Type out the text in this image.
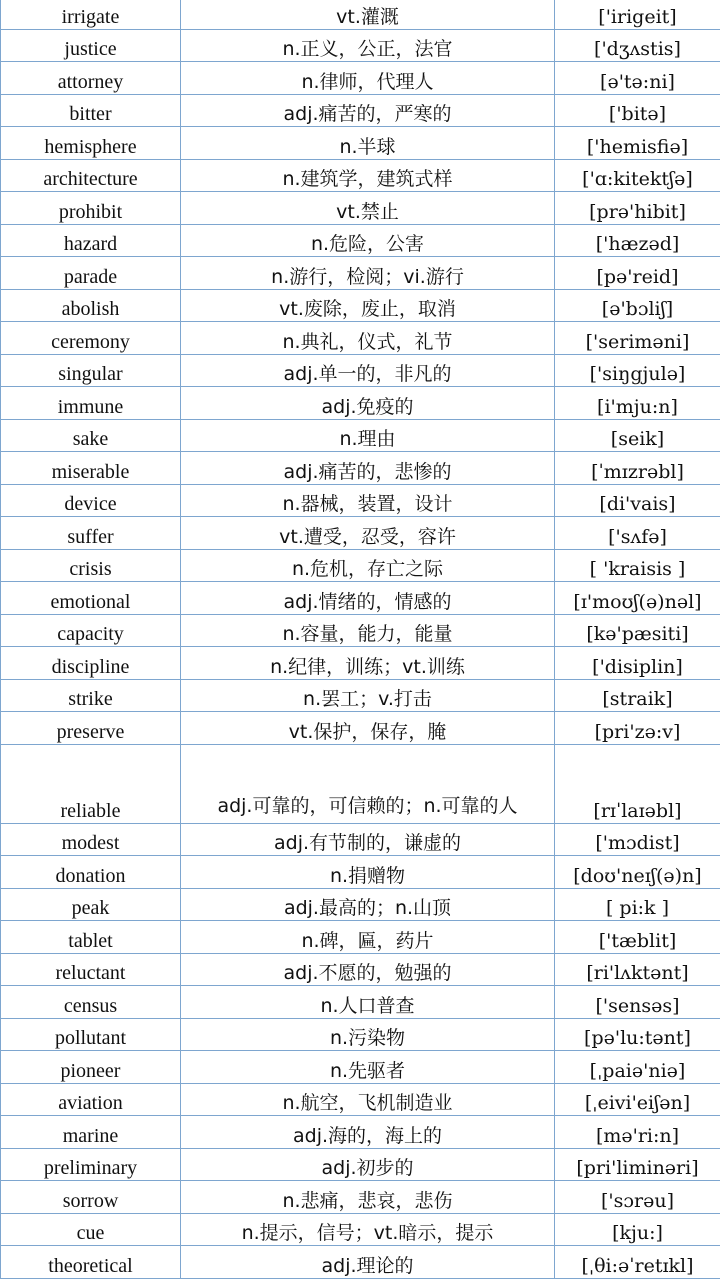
irrigate	vt.灌溉	['irigeit]
justice	n.正义，公正，法官	['dʒʌstis]
attorney	n.律师，代理人	[ə'tə:ni]
bitter	adj.痛苦的，严寒的	['bitə]
hemisphere	n.半球	['hemisfiə]
architecture	n.建筑学，建筑式样	['ɑ:kitektʃə]
prohibit	vt.禁止	[prə'hibit]
hazard	n.危险，公害	['hæzəd]
parade	n.游行，检阅；vi.游行	[pə'reid]
abolish	vt.废除，废止，取消	[ə'bɔliʃ]
ceremony	n.典礼，仪式，礼节	['seriməni]
singular	adj.单一的，非凡的	['siŋgjulə]
immune	adj.免疫的	[i'mju:n]
sake	n.理由	[seik]
miserable	adj.痛苦的，悲惨的	[ˈmɪzrəbl]
device	n.器械，装置，设计	[di'vais]
suffer	vt.遭受，忍受，容许	['sʌfə]
crisis	n.危机，存亡之际	[ 'kraisis ]
emotional	adj.情绪的，情感的	[ɪ'moʊʃ(ə)nəl]
capacity	n.容量，能力，能量	[kə'pæsiti]
discipline	n.纪律，训练；vt.训练	['disiplin]
strike	n.罢工；v.打击	[straik]
preserve	vt.保护，保存，腌	[pri'zə:v]
reliable	adj.可靠的，可信赖的；n.可靠的人	[rɪˈlaɪəbl]
modest	adj.有节制的，谦虚的	['mɔdist]
donation	n.捐赠物	[doʊ'neɪʃ(ə)n]
peak	adj.最高的；n.山顶	[ pi:k ]
tablet	n.碑，匾，药片	['tæblit]
reluctant	adj.不愿的，勉强的	[ri'lʌktənt]
census	n.人口普查	['sensəs]
pollutant	n.污染物	[pə'lu:tənt]
pioneer	n.先驱者	[ˌpaiə'niə]
aviation	n.航空，飞机制造业	[ˌeivi'eiʃən]
marine	adj.海的，海上的	[mə'ri:n]
preliminary	adj.初步的	[pri'liminəri]
sorrow	n.悲痛，悲哀，悲伤	['sɔrəu]
cue	n.提示，信号；vt.暗示，提示	[kju:]
theoretical	adj.理论的	[ˌθi:əˈretɪkl]
